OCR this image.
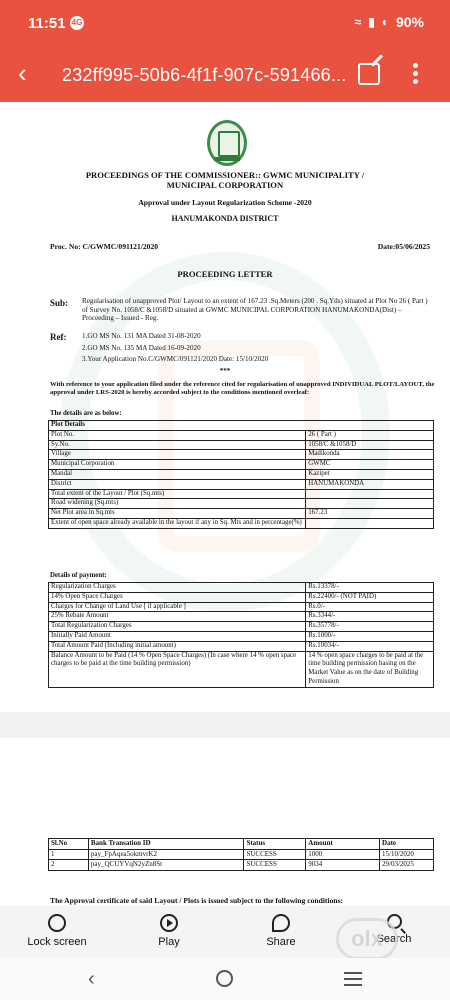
11:51 4G	≈ ▮ ◐ 90%
‹	232ff995-50b6-4f1f-907c-591466...
PROCEEDINGS OF THE COMMISSIONER:: GWMC MUNICIPALITY / MUNICIPAL CORPORATION
Approval under Layout Regularization Scheme -2020
HANUMAKONDA DISTRICT
Proc. No: C/GWMC/091121/2020	Date:05/06/2025
PROCEEDING LETTER
Sub: Regularisation of unapproved Plot/ Layout to an extent of 167.23 .Sq.Meters (200 . Sq.Yds) situated at Plot No 26 ( Part ) of Survey No. 1058/C &1058/D situated at GWMC MUNICIPAL CORPORATION HANUMAKONDA(Dist) – Proceeding – Issued - Reg.
Ref: 1.GO MS No. 131 MA Dated 31-08-2020
2.GO MS No. 135 MA Dated 16-09-2020
3.Your Application No.C/GWMC/091121/2020 Date: 15/10/2020
***
With reference to your application filed under the reference cited for regularisation of unapproved INDIVIDUAL PLOT/LAYOUT, the approval under LRS-2020 is hereby accorded subject to the conditions mentioned overleaf:
The details are as below:
Plot Details	
Plot No.	26 ( Part )
Sy.No.	1058/C &1058/D
Village	Madikonda
Municipal Corporation	GWMC
Mandal	Kazipet
District	HANUMAKONDA
Total extent of the Layout / Plot (Sq.mts)	
Road widening (Sq.mts)	
Net Plot area in Sq.mts	167.23
Extent of open space already available in the layout if any in Sq. Mts and in percentage(%)	
Details of payment:
Regularization Charges	Rs.13378/-
14% Open Space Charges	Rs.22400/- (NOT PAID)
Charges for Change of Land Use [ if applicable ]	Rs.0/-
25% Rebate Amount	Rs.3344/-
Total Regularization Charges	Rs.35778/-
Initially Paid Amount	Rs.1000/-
Total Amount Paid (Including initial amount)	Rs.10034/-
Balance Amount to be Paid (14 % Open Space Charges) (In case where 14 % open space charges to be paid at the time building permission)	14 % open space charges to be paid at the time building permission basing on the Market Value as on the date of Building Permission
Sl.No	Bank Transation ID	Status	Amount	Date
1	pay_FpAqea5okmvrK2	SUCCESS	1000	15/10/2020
2	pay_QCUYVqN2yZn8St	SUCCESS	9034	29/03/2025
The Approval certificate of said Layout / Plots is issued subject to the following conditions:
Lock screen	Play	Share	Search
olx
‹
